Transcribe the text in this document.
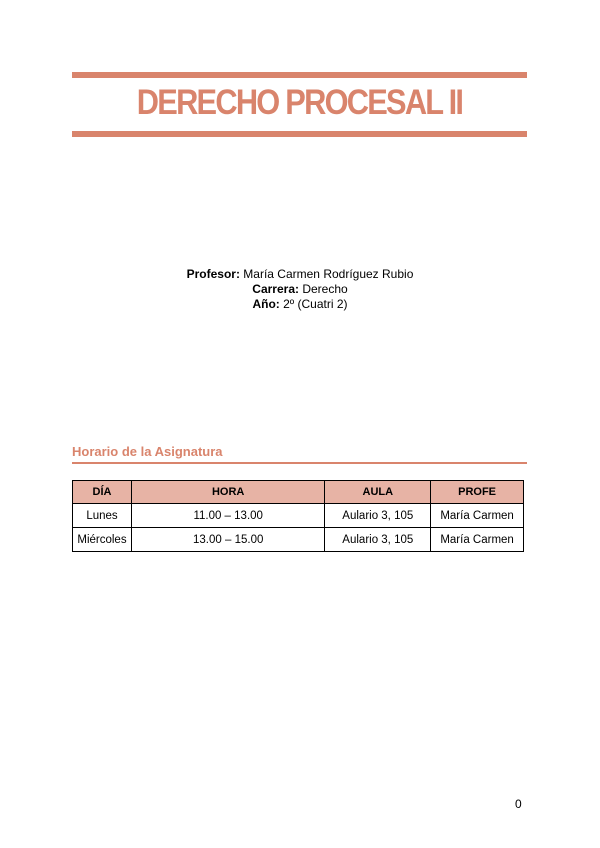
DERECHO PROCESAL II
Profesor: María Carmen Rodríguez Rubio
Carrera: Derecho
Año: 2º (Cuatri 2)
Horario de la Asignatura
DÍA	HORA	AULA	PROFE
Lunes	11.00 – 13.00	Aulario 3, 105	María Carmen
Miércoles	13.00 – 15.00	Aulario 3, 105	María Carmen
0
